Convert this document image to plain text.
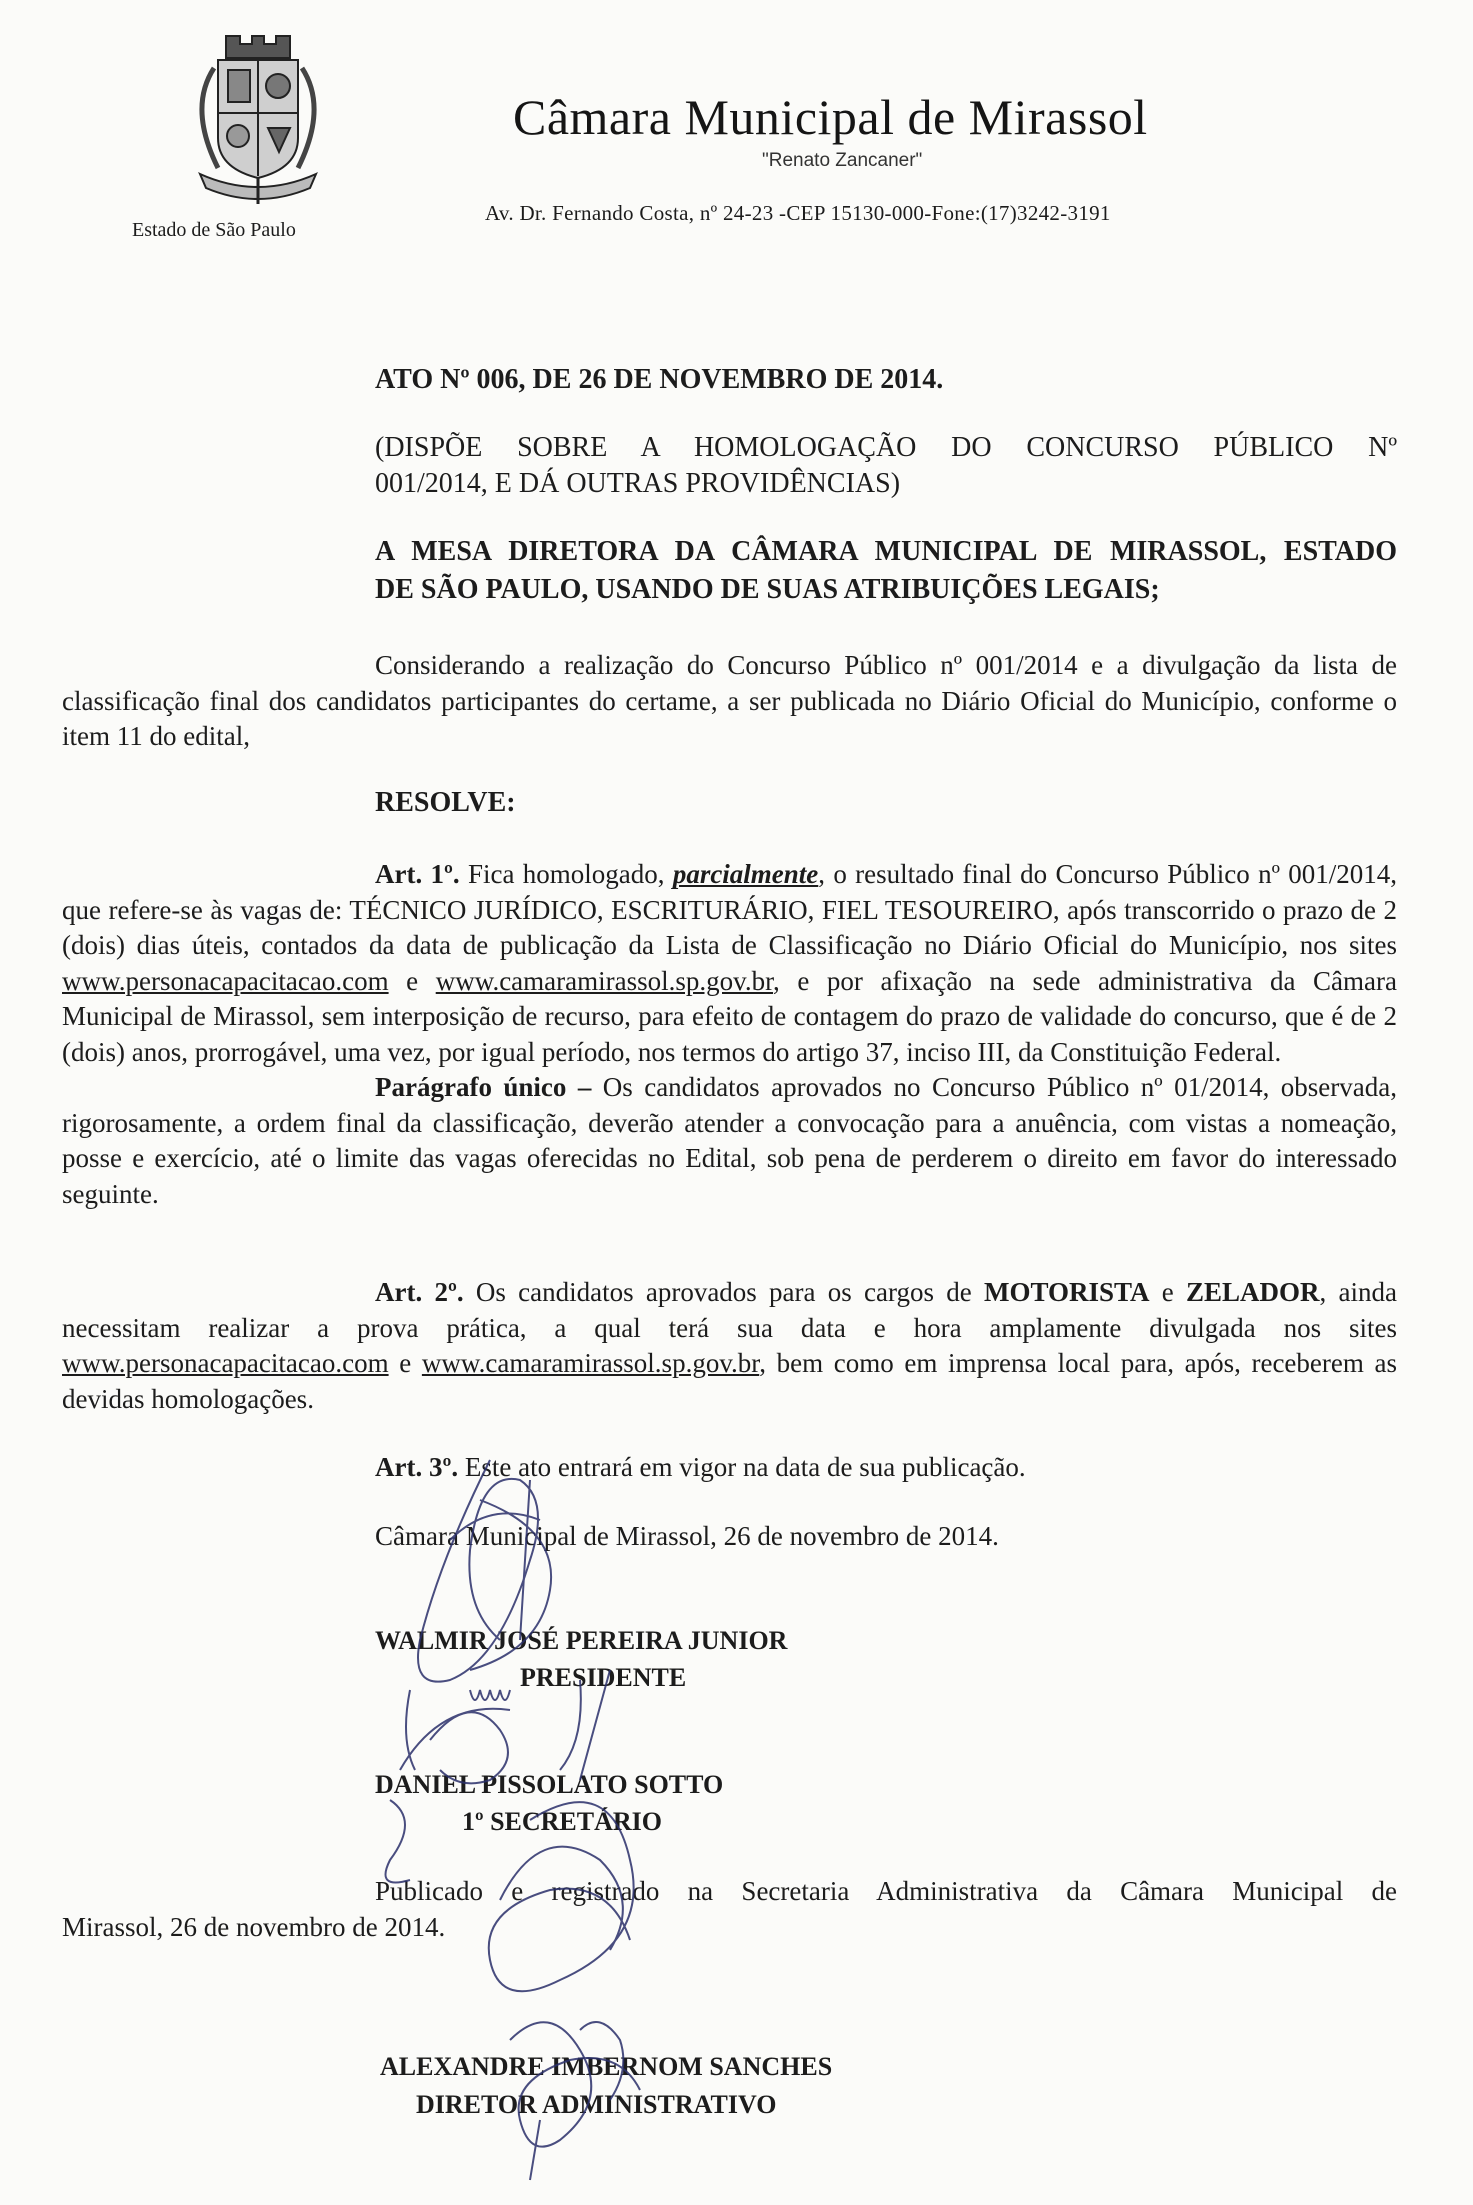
Estado de São Paulo
Câmara Municipal de Mirassol
"Renato Zancaner"
Av. Dr. Fernando Costa, nº 24-23 -CEP 15130-000-Fone:(17)3242-3191
ATO Nº 006, DE 26 DE NOVEMBRO DE 2014.
(DISPÕE SOBRE A HOMOLOGAÇÃO DO CONCURSO PÚBLICO Nº
001/2014, E DÁ OUTRAS PROVIDÊNCIAS)
A MESA DIRETORA DA CÂMARA MUNICIPAL DE MIRASSOL, ESTADO
DE SÃO PAULO, USANDO DE SUAS ATRIBUIÇÕES LEGAIS;
Considerando a realização do Concurso Público nº 001/2014 e a divulgação da lista de classificação final dos candidatos participantes do certame, a ser publicada no Diário Oficial do Município, conforme o item 11 do edital,
RESOLVE:
Art. 1º. Fica homologado, parcialmente, o resultado final do Concurso Público nº 001/2014, que refere-se às vagas de: TÉCNICO JURÍDICO, ESCRITURÁRIO, FIEL TESOUREIRO, após transcorrido o prazo de 2 (dois) dias úteis, contados da data de publicação da Lista de Classificação no Diário Oficial do Município, nos sites www.personacapacitacao.com e www.camaramirassol.sp.gov.br, e por afixação na sede administrativa da Câmara Municipal de Mirassol, sem interposição de recurso, para efeito de contagem do prazo de validade do concurso, que é de 2 (dois) anos, prorrogável, uma vez, por igual período, nos termos do artigo 37, inciso III, da Constituição Federal.
Parágrafo único – Os candidatos aprovados no Concurso Público nº 01/2014, observada, rigorosamente, a ordem final da classificação, deverão atender a convocação para a anuência, com vistas a nomeação, posse e exercício, até o limite das vagas oferecidas no Edital, sob pena de perderem o direito em favor do interessado seguinte.
Art. 2º. Os candidatos aprovados para os cargos de MOTORISTA e ZELADOR, ainda necessitam realizar a prova prática, a qual terá sua data e hora amplamente divulgada nos sites www.personacapacitacao.com e www.camaramirassol.sp.gov.br, bem como em imprensa local para, após, receberem as devidas homologações.
Art. 3º. Este ato entrará em vigor na data de sua publicação.
Câmara Municipal de Mirassol, 26 de novembro de 2014.
WALMIR JOSÉ PEREIRA JUNIOR
PRESIDENTE
DANIEL PISSOLATO SOTTO
1º SECRETÁRIO
Publicado e registrado na Secretaria Administrativa da Câmara Municipal de
Mirassol, 26 de novembro de 2014.
ALEXANDRE IMBERNOM SANCHES
DIRETOR ADMINISTRATIVO
